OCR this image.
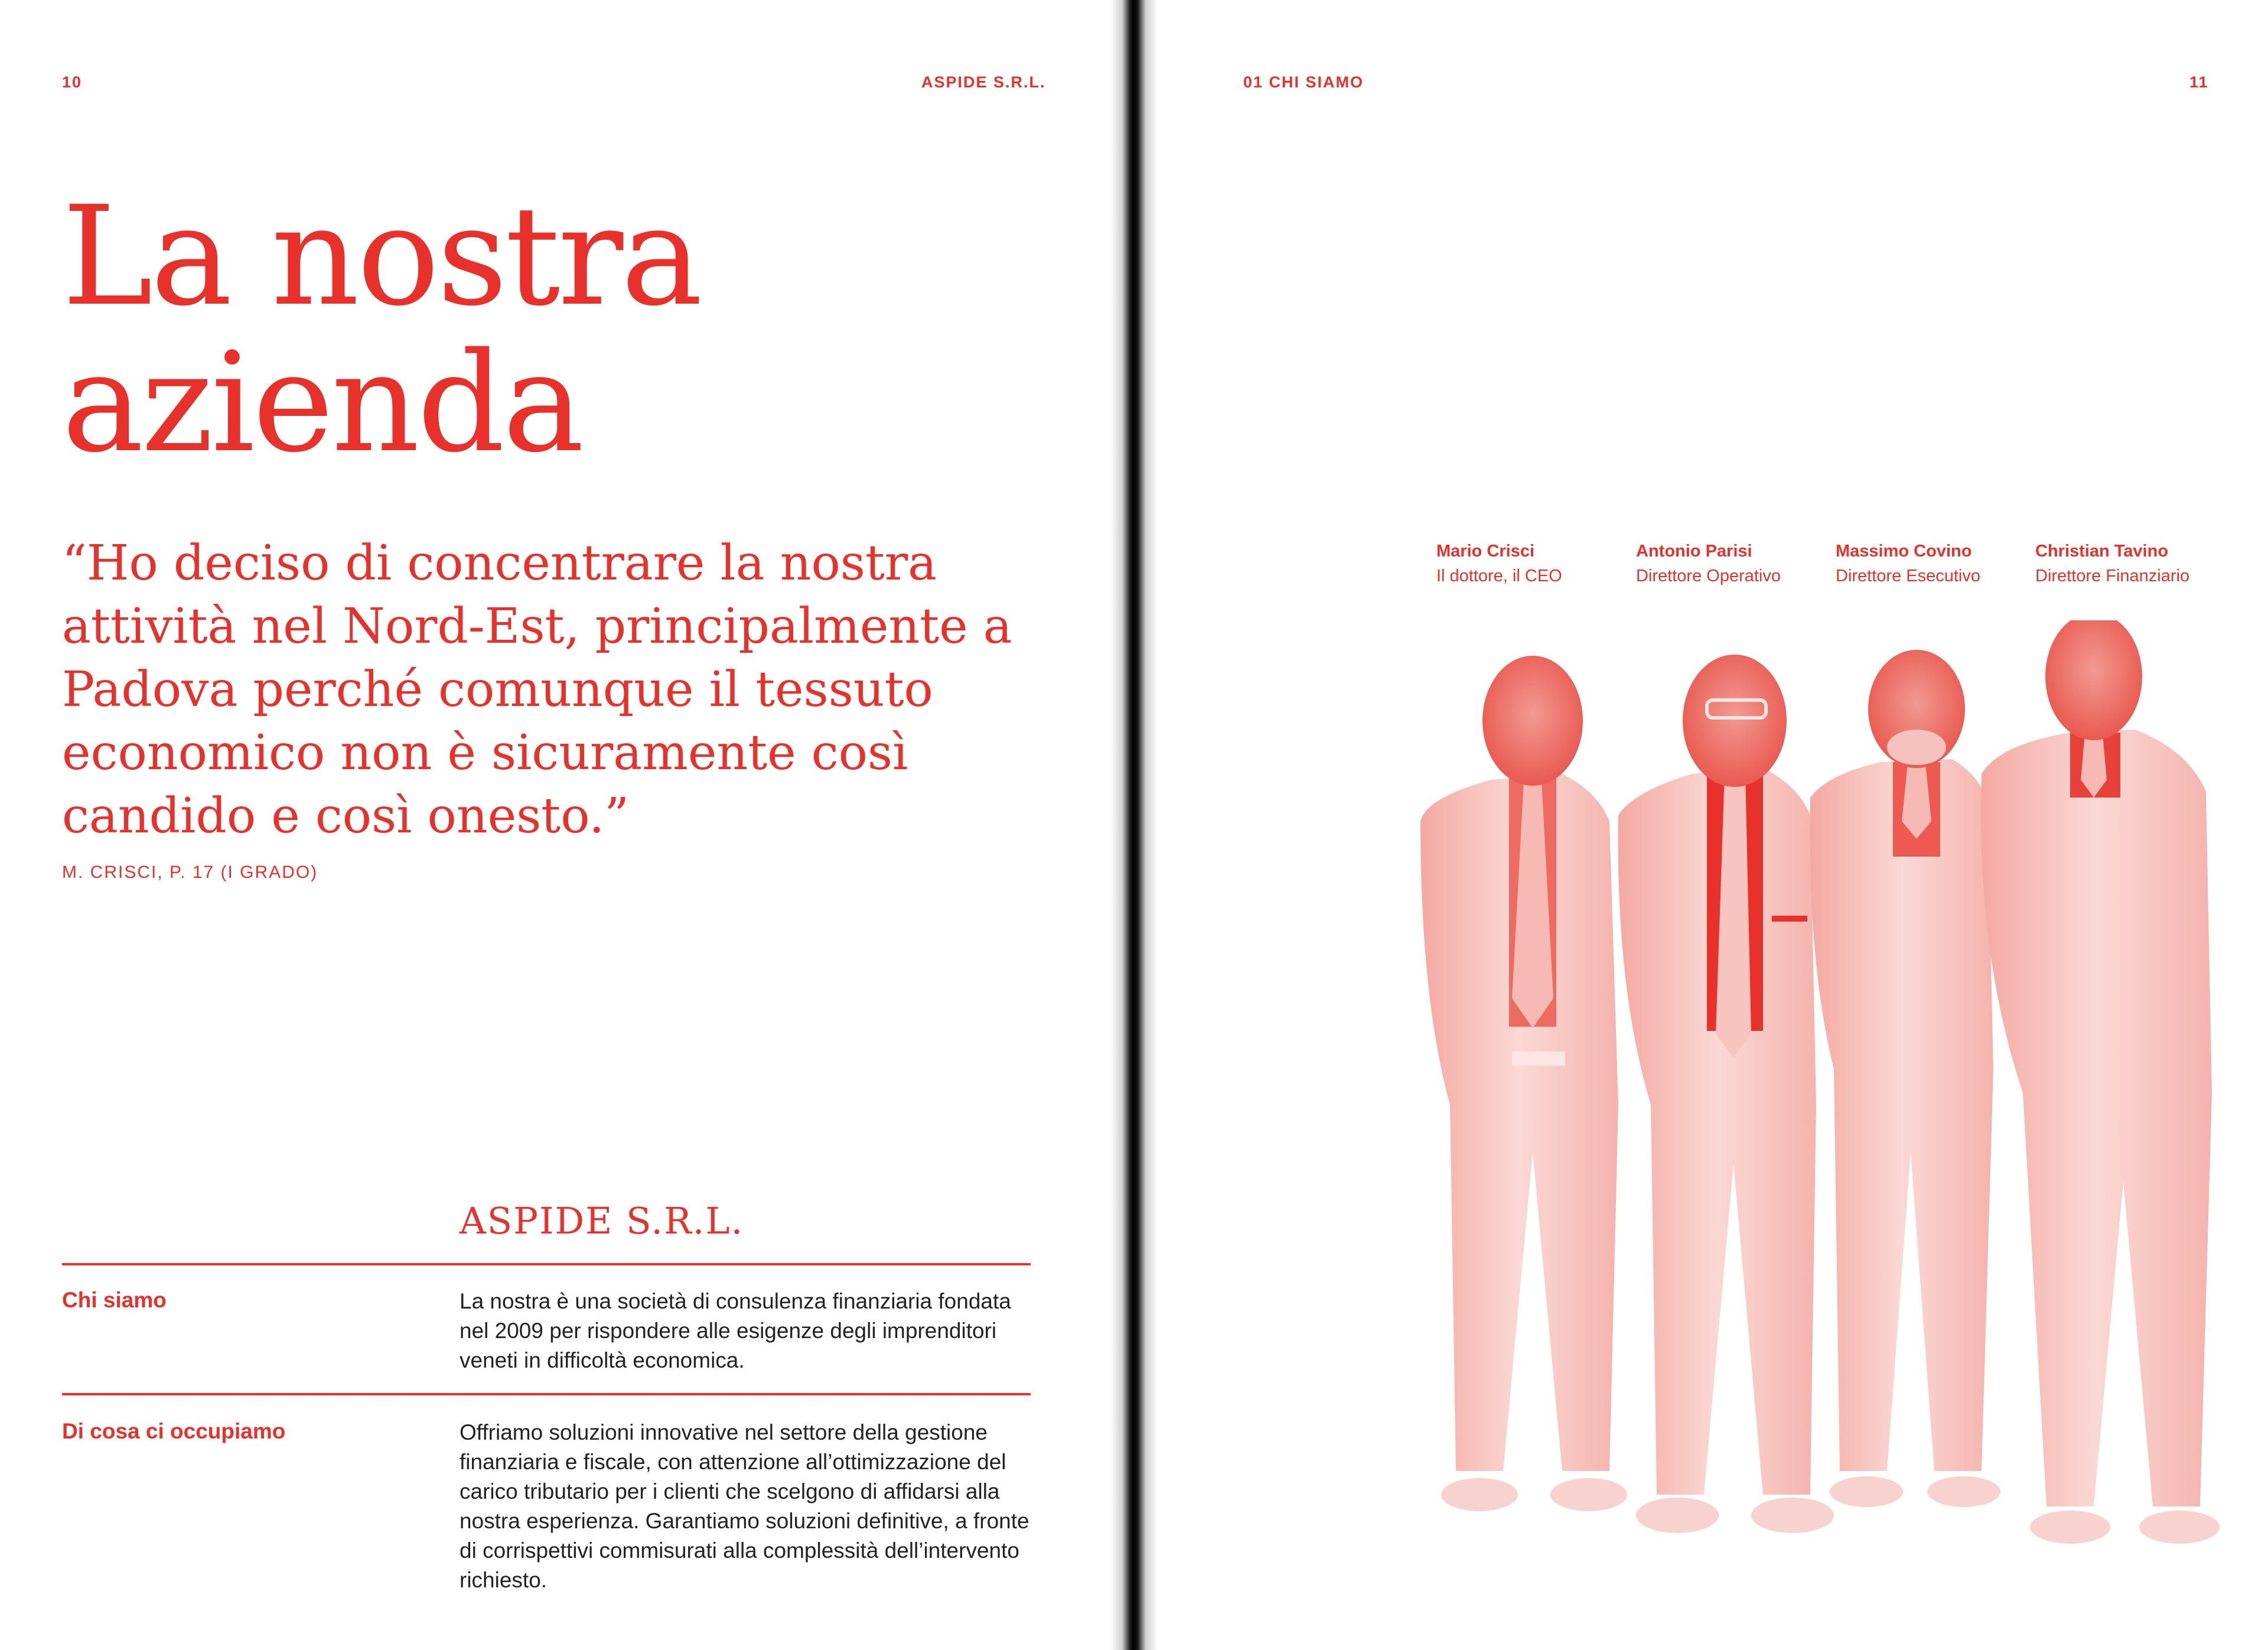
10	ASPIDE S.R.L.
La nostra
azienda

“Ho deciso di concentrare la nostra attività nel Nord-Est, principalmente a Padova perché comunque il tessuto economico non è sicuramente così candido e così onesto.”

M. CRISCI, P. 17 (I GRADO)
ASPIDE S.R.L.
Chi siamo	La nostra è una società di consulenza finanziaria fondata nel 2009 per rispondere alle esigenze degli imprenditori veneti in difficoltà economica.
Di cosa ci occupiamo	Offriamo soluzioni innovative nel settore della gestione finanziaria e fiscale, con attenzione all’ottimizzazione del carico tributario per i clienti che scelgono di affidarsi alla nostra esperienza. Garantiamo soluzioni definitive, a fronte di corrispettivi commisurati alla complessità dell’intervento richiesto.
01 CHI SIAMO	11
Mario Crisci
Il dottore, il CEO
Antonio Parisi
Direttore Operativo
Massimo Covino
Direttore Esecutivo
Christian Tavino
Direttore Finanziario
